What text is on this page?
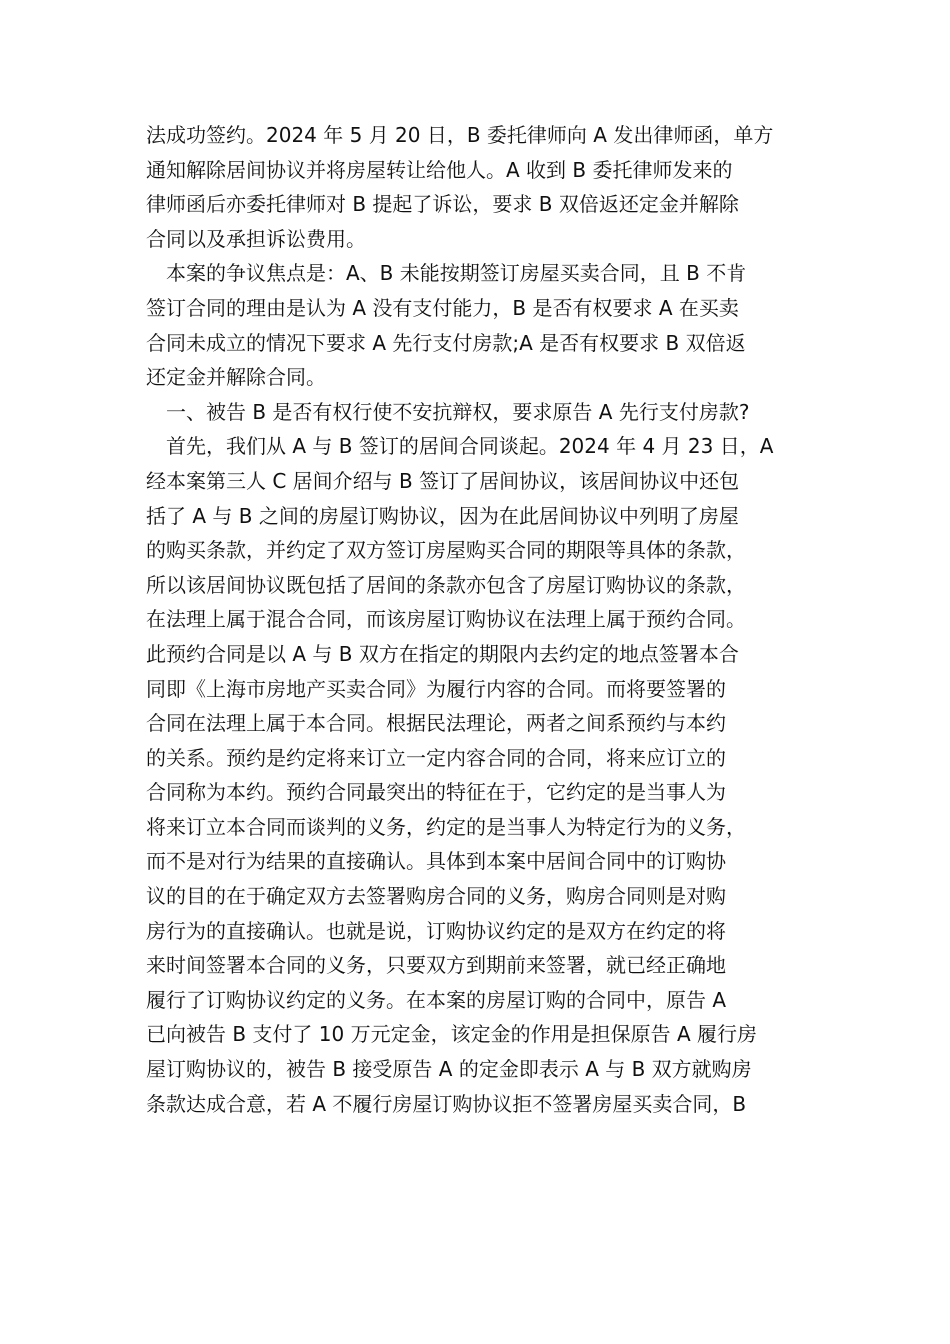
法成功签约。2024 年 5 月 20 日，B 委托律师向 A 发出律师函，单方
通知解除居间协议并将房屋转让给他人。A 收到 B 委托律师发来的
律师函后亦委托律师对 B 提起了诉讼，要求 B 双倍返还定金并解除
合同以及承担诉讼费用。
本案的争议焦点是：A、B 未能按期签订房屋买卖合同，且 B 不肯
签订合同的理由是认为 A 没有支付能力，B 是否有权要求 A 在买卖
合同未成立的情况下要求 A 先行支付房款;A 是否有权要求 B 双倍返
还定金并解除合同。
一、被告 B 是否有权行使不安抗辩权，要求原告 A 先行支付房款?
首先，我们从 A 与 B 签订的居间合同谈起。2024 年 4 月 23 日，A
经本案第三人 C 居间介绍与 B 签订了居间协议，该居间协议中还包
括了 A 与 B 之间的房屋订购协议，因为在此居间协议中列明了房屋
的购买条款，并约定了双方签订房屋购买合同的期限等具体的条款，
所以该居间协议既包括了居间的条款亦包含了房屋订购协议的条款，
在法理上属于混合合同，而该房屋订购协议在法理上属于预约合同。
此预约合同是以 A 与 B 双方在指定的期限内去约定的地点签署本合
同即《上海市房地产买卖合同》为履行内容的合同。而将要签署的
合同在法理上属于本合同。根据民法理论，两者之间系预约与本约
的关系。预约是约定将来订立一定内容合同的合同，将来应订立的
合同称为本约。预约合同最突出的特征在于，它约定的是当事人为
将来订立本合同而谈判的义务，约定的是当事人为特定行为的义务，
而不是对行为结果的直接确认。具体到本案中居间合同中的订购协
议的目的在于确定双方去签署购房合同的义务，购房合同则是对购
房行为的直接确认。也就是说，订购协议约定的是双方在约定的将
来时间签署本合同的义务，只要双方到期前来签署，就已经正确地
履行了订购协议约定的义务。在本案的房屋订购的合同中，原告 A
已向被告 B 支付了 10 万元定金，该定金的作用是担保原告 A 履行房
屋订购协议的，被告 B 接受原告 A 的定金即表示 A 与 B 双方就购房
条款达成合意，若 A 不履行房屋订购协议拒不签署房屋买卖合同，B
